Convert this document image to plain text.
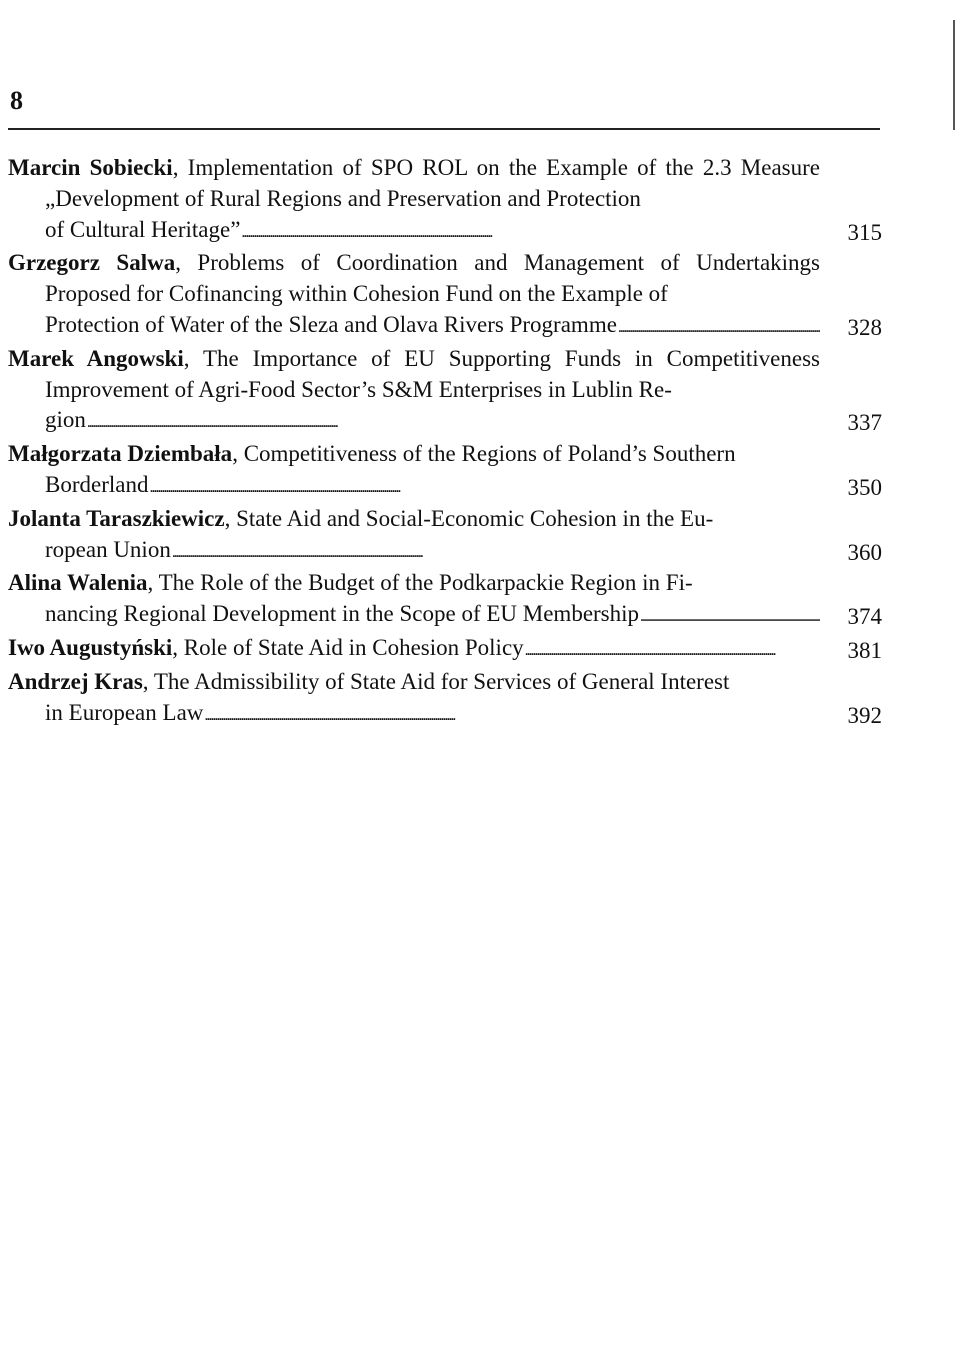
8
Marcin Sobiecki, Implementation of SPO ROL on the Example of the 2.3 Measure „Development of Rural Regions and Preservation and Protection
of Cultural Heritage” . . .	315
Grzegorz Salwa, Problems of Coordination and Management of Undertakings Proposed for Cofinancing within Cohesion Fund on the Example of
Protection of Water of the Sleza and Olava Rivers Programme . . .	328
Marek Angowski, The Importance of EU Supporting Funds in Competitiveness Improvement of Agri-Food Sector’s S&M Enterprises in Lublin Re-
gion . . .	337
Małgorzata Dziembała, Competitiveness of the Regions of Poland’s Southern
Borderland . . .	350
Jolanta Taraszkiewicz, State Aid and Social-Economic Cohesion in the Eu-
ropean Union . . .	360
Alina Walenia, The Role of the Budget of the Podkarpackie Region in Fi-
nancing Regional Development in the Scope of EU Membership . . .	374
Iwo Augustyński, Role of State Aid in Cohesion Policy . . .	381
Andrzej Kras, The Admissibility of State Aid for Services of General Interest
in European Law . . .	392
